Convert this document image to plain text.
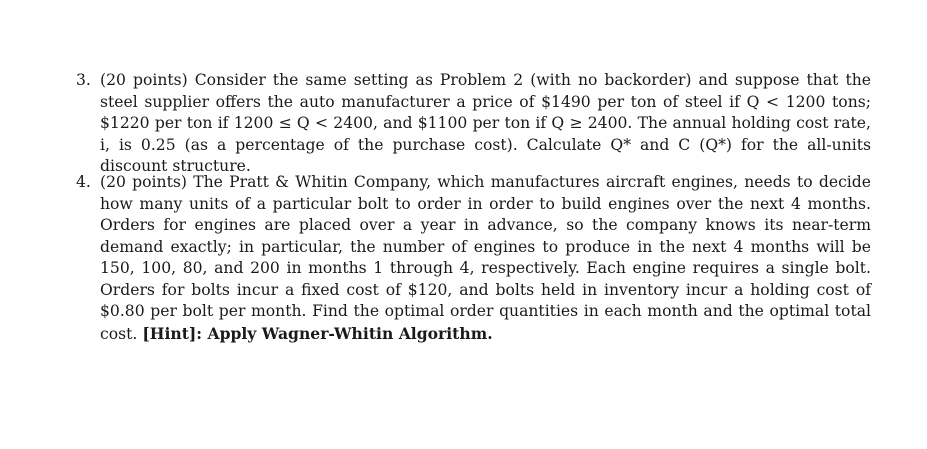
3. (20 points) Consider the same setting as Problem 2 (with no backorder) and suppose that the steel supplier offers the auto manufacturer a price of $1490 per ton of steel if Q < 1200 tons; $1220 per ton if 1200 ≤ Q < 2400, and $1100 per ton if Q ≥ 2400. The annual holding cost rate, i, is 0.25 (as a percentage of the purchase cost). Calculate Q* and C (Q*) for the all-units discount structure.
4. (20 points) The Pratt & Whitin Company, which manufactures aircraft engines, needs to decide how many units of a particular bolt to order in order to build engines over the next 4 months. Orders for engines are placed over a year in advance, so the company knows its near-term demand exactly; in particular, the number of engines to produce in the next 4 months will be 150, 100, 80, and 200 in months 1 through 4, respectively. Each engine requires a single bolt. Orders for bolts incur a fixed cost of $120, and bolts held in inventory incur a holding cost of $0.80 per bolt per month. Find the optimal order quantities in each month and the optimal total cost. [Hint]: Apply Wagner-Whitin Algorithm.
